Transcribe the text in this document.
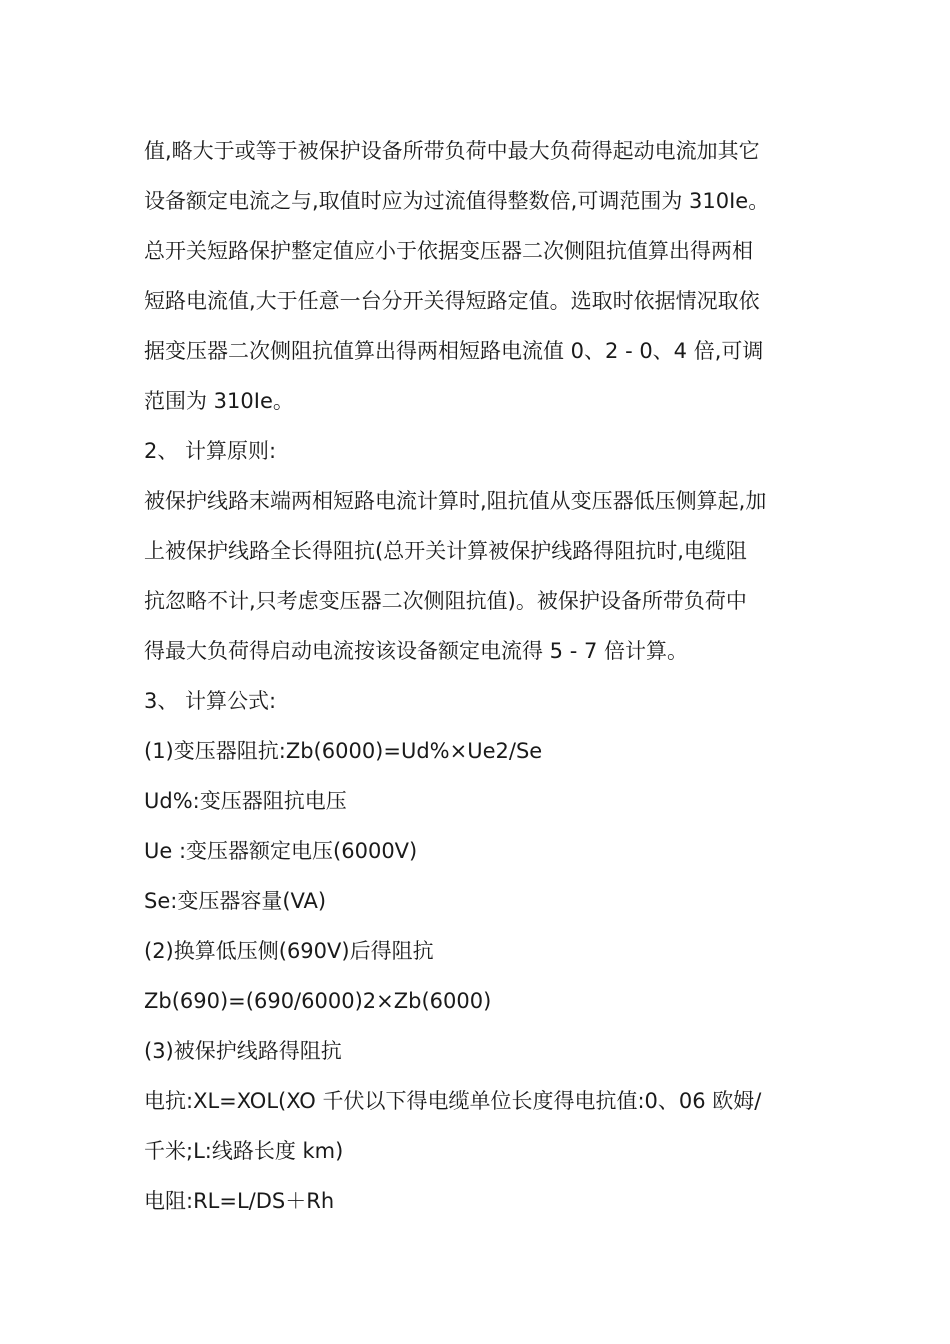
值,略大于或等于被保护设备所带负荷中最大负荷得起动电流加其它
设备额定电流之与,取值时应为过流值得整数倍,可调范围为 310Ie。
总开关短路保护整定值应小于依据变压器二次侧阻抗值算出得两相
短路电流值,大于任意一台分开关得短路定值。选取时依据情况取依
据变压器二次侧阻抗值算出得两相短路电流值 0、2 - 0、4 倍,可调
范围为 310Ie。
2、 计算原则:
被保护线路末端两相短路电流计算时,阻抗值从变压器低压侧算起,加
上被保护线路全长得阻抗(总开关计算被保护线路得阻抗时,电缆阻
抗忽略不计,只考虑变压器二次侧阻抗值)。被保护设备所带负荷中
得最大负荷得启动电流按该设备额定电流得 5 - 7 倍计算。
3、 计算公式:
(1)变压器阻抗:Zb(6000)=Ud%×Ue2/Se
Ud%:变压器阻抗电压
Ue :变压器额定电压(6000V)
Se:变压器容量(VA)
(2)换算低压侧(690V)后得阻抗
Zb(690)=(690/6000)2×Zb(6000)
(3)被保护线路得阻抗
电抗:XL=XOL(XO 千伏以下得电缆单位长度得电抗值:0、06 欧姆/
千米;L:线路长度 km)
电阻:RL=L/DS＋Rh
